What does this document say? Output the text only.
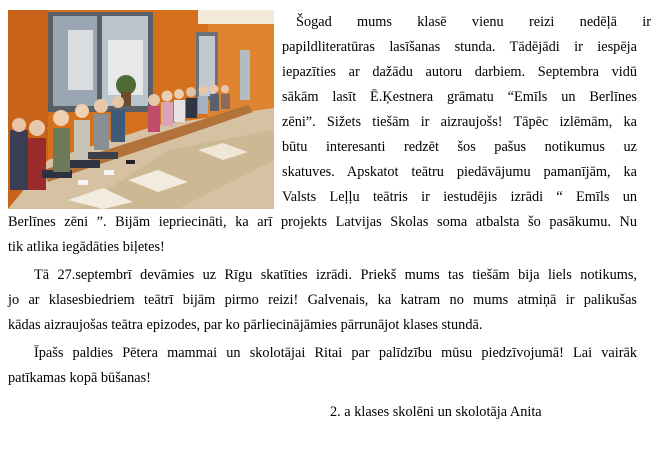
Šogad mums klasē vienu reizi nedēļā ir
papildliteratūras lasīšanas stunda. Tādējādi ir iespēja
iepazīties ar dažādu autoru darbiem. Septembra vidū
sākām lasīt Ē.Ķestnera grāmatu “Emīls un Berlīnes
zēni”. Sižets tiešām ir aizraujošs! Tāpēc izlēmām, ka
būtu interesanti redzēt šos pašus notikumus uz
skatuves. Apskatot teātru piedāvājumu pamanījām, ka
Valsts Leļļu teātris ir iestudējis izrādi “ Emīls un
Berlīnes zēni ”. Bijām iepriecināti, ka arī projekts Latvijas Skolas soma atbalsta šo pasākumu. Nu
tik atlika iegādāties biļetes!
Tā 27.septembrī devāmies uz Rīgu skatīties izrādi. Priekš mums tas tiešām bija liels notikums,
jo ar klasesbiedriem teātrī bijām pirmo reizi! Galvenais, ka katram no mums atmiņā ir palikušas
kādas aizraujošas teātra epizodes, par ko pārliecinājāmies pārrunājot klases stundā.
Īpašs paldies Pētera mammai un skolotājai Ritai par palīdzību mūsu piedzīvojumā! Lai vairāk
patīkamas kopā būšanas!
2. a klases skolēni un skolotāja Anita
